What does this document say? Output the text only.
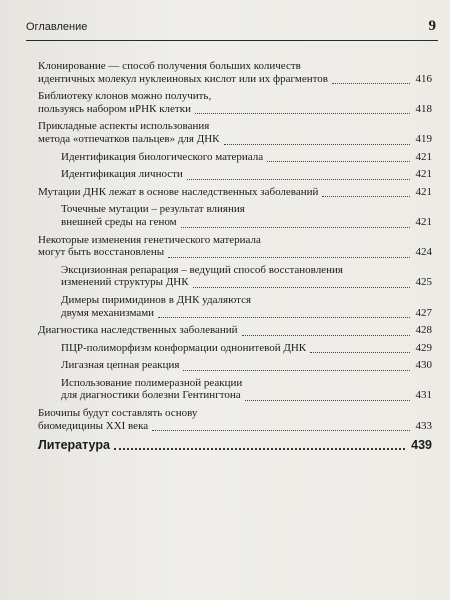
Оглавление	9
Клонирование — способ получения больших количеств
идентичных молекул нуклеиновых кислот или их фрагментов	416
Библиотеку клонов можно получить,
пользуясь набором иРНК клетки	418
Прикладные аспекты использования
метода «отпечатков пальцев» для ДНК	419
Идентификация биологического материала	421
Идентификация личности	421
Мутации ДНК лежат в основе наследственных заболеваний	421
Точечные мутации – результат влияния
внешней среды на геном	421
Некоторые изменения генетического материала
могут быть восстановлены	424
Эксцизионная репарация – ведущий способ восстановления
изменений структуры ДНК	425
Димеры пиримидинов в ДНК удаляются
двумя механизмами	427
Диагностика наследственных заболеваний	428
ПЦР-полиморфизм конформации однонитевой ДНК	429
Лигазная цепная реакция	430
Использование полимеразной реакции
для диагностики болезни Гентингтона	431
Биочипы будут составлять основу
биомедицины XXI века	433
Литература	439
